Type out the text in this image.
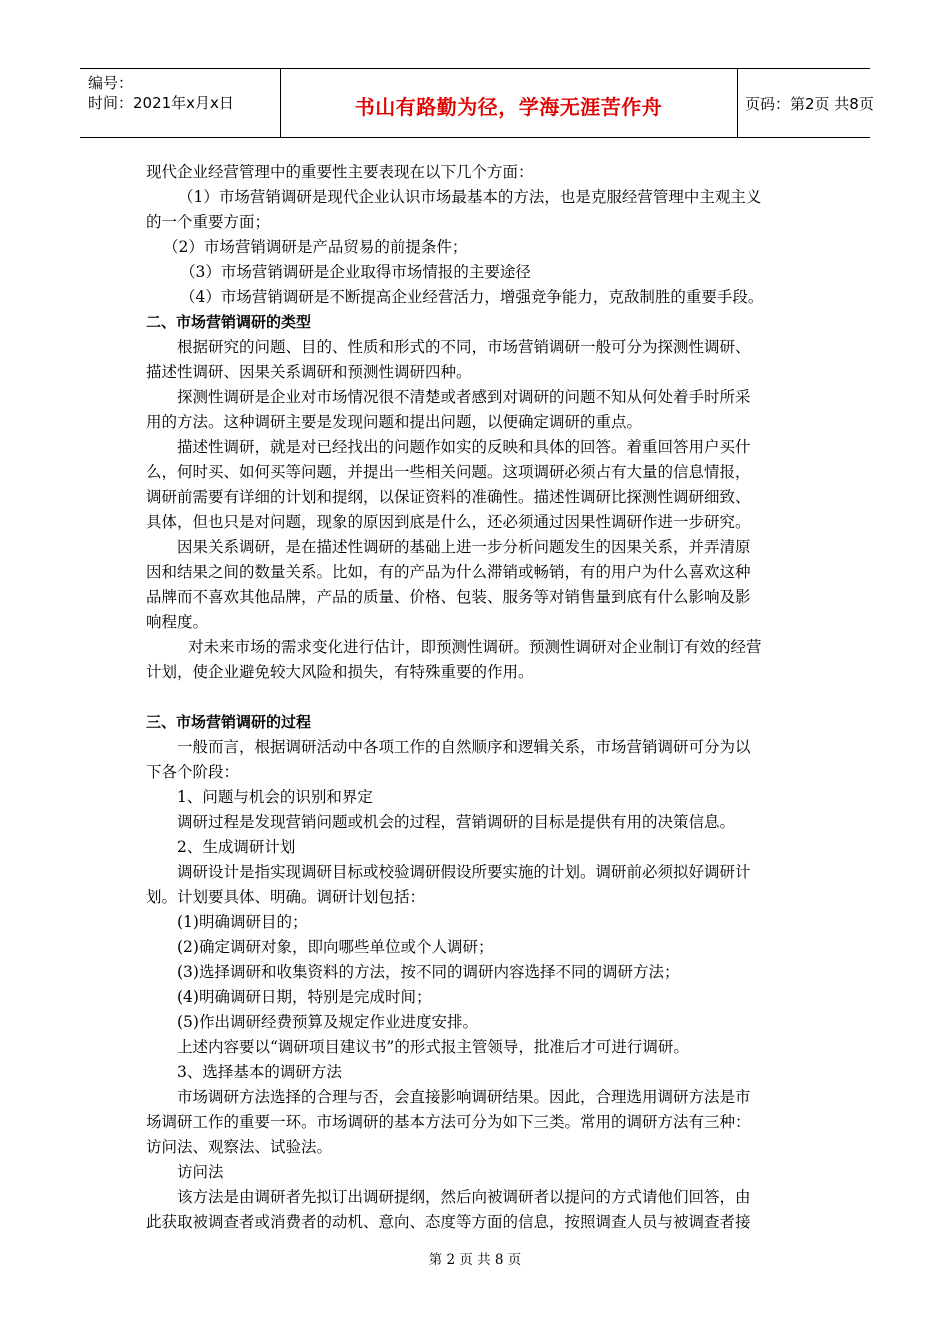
编号：
时间：2021年x月x日	书山有路勤为径，学海无涯苦作舟	页码：第2页 共8页
现代企业经营管理中的重要性主要表现在以下几个方面：
（1）市场营销调研是现代企业认识市场最基本的方法，也是克服经营管理中主观主义
的一个重要方面；
（2）市场营销调研是产品贸易的前提条件；
（3）市场营销调研是企业取得市场情报的主要途径
（4）市场营销调研是不断提高企业经营活力，增强竞争能力，克敌制胜的重要手段。
二、市场营销调研的类型
根据研究的问题、目的、性质和形式的不同，市场营销调研一般可分为探测性调研、
描述性调研、因果关系调研和预测性调研四种。
探测性调研是企业对市场情况很不清楚或者感到对调研的问题不知从何处着手时所采
用的方法。这种调研主要是发现问题和提出问题，以便确定调研的重点。
描述性调研，就是对已经找出的问题作如实的反映和具体的回答。着重回答用户买什
么，何时买、如何买等问题，并提出一些相关问题。这项调研必须占有大量的信息情报，
调研前需要有详细的计划和提纲，以保证资料的准确性。描述性调研比探测性调研细致、
具体，但也只是对问题，现象的原因到底是什么，还必须通过因果性调研作进一步研究。
因果关系调研，是在描述性调研的基础上进一步分析问题发生的因果关系，并弄清原
因和结果之间的数量关系。比如，有的产品为什么滞销或畅销，有的用户为什么喜欢这种
品牌而不喜欢其他品牌，产品的质量、价格、包装、服务等对销售量到底有什么影响及影
响程度。
对未来市场的需求变化进行估计，即预测性调研。预测性调研对企业制订有效的经营
计划，使企业避免较大风险和损失，有特殊重要的作用。
三、市场营销调研的过程
一般而言，根据调研活动中各项工作的自然顺序和逻辑关系，市场营销调研可分为以
下各个阶段：
1、问题与机会的识别和界定
调研过程是发现营销问题或机会的过程，营销调研的目标是提供有用的决策信息。
2、生成调研计划
调研设计是指实现调研目标或校验调研假设所要实施的计划。调研前必须拟好调研计
划。计划要具体、明确。调研计划包括：
(1)明确调研目的；
(2)确定调研对象，即向哪些单位或个人调研；
(3)选择调研和收集资料的方法，按不同的调研内容选择不同的调研方法；
(4)明确调研日期，特别是完成时间；
(5)作出调研经费预算及规定作业进度安排。
上述内容要以“调研项目建议书”的形式报主管领导，批准后才可进行调研。
3、选择基本的调研方法
市场调研方法选择的合理与否，会直接影响调研结果。因此，合理选用调研方法是市
场调研工作的重要一环。市场调研的基本方法可分为如下三类。常用的调研方法有三种：
访问法、观察法、试验法。
访问法
该方法是由调研者先拟订出调研提纲，然后向被调研者以提问的方式请他们回答，由
此获取被调查者或消费者的动机、意向、态度等方面的信息，按照调查人员与被调查者接
第 2 页 共 8 页
